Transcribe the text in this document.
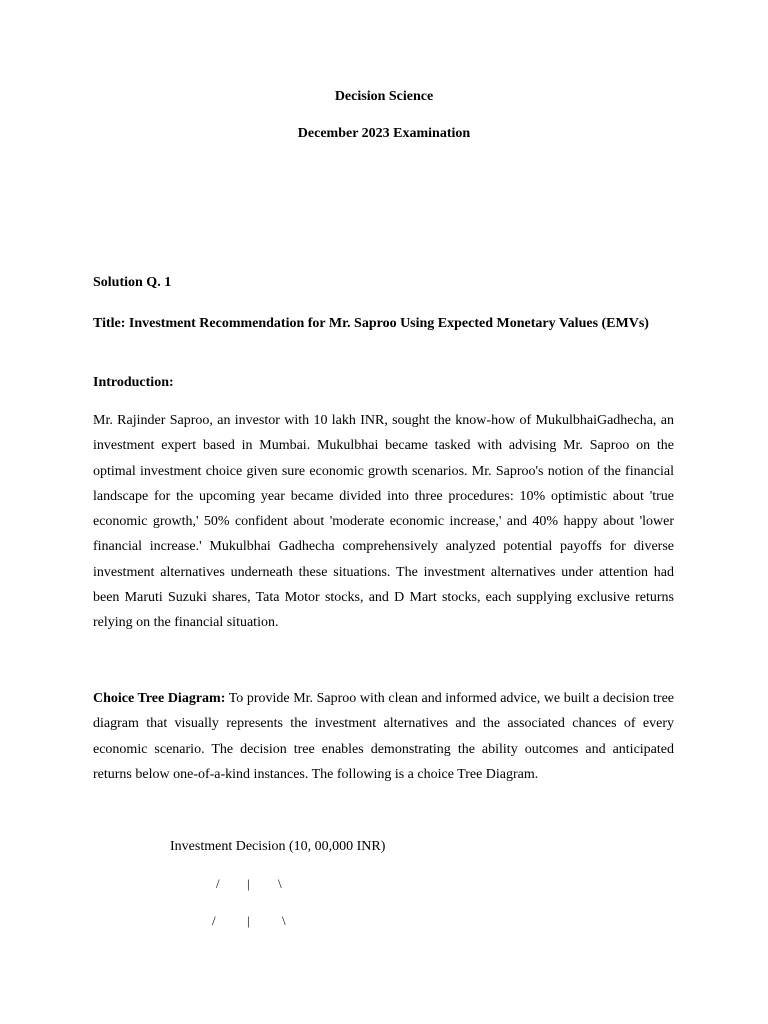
Decision Science
December 2023 Examination

Solution Q. 1

Title: Investment Recommendation for Mr. Saproo Using Expected Monetary Values (EMVs)

Introduction:

Mr. Rajinder Saproo, an investor with 10 lakh INR, sought the know-how of MukulbhaiGadhecha, an investment expert based in Mumbai. Mukulbhai became tasked with advising Mr. Saproo on the optimal investment choice given sure economic growth scenarios. Mr. Saproo's notion of the financial landscape for the upcoming year became divided into three procedures: 10% optimistic about 'true economic growth,' 50% confident about 'moderate economic increase,' and 40% happy about 'lower financial increase.' Mukulbhai Gadhecha comprehensively analyzed potential payoffs for diverse investment alternatives underneath these situations. The investment alternatives under attention had been Maruti Suzuki shares, Tata Motor stocks, and D Mart stocks, each supplying exclusive returns relying on the financial situation.

Choice Tree Diagram: To provide Mr. Saproo with clean and informed advice, we built a decision tree diagram that visually represents the investment alternatives and the associated chances of every economic scenario. The decision tree enables demonstrating the ability outcomes and anticipated returns below one-of-a-kind instances. The following is a choice Tree Diagram.

Investment Decision (10, 00,000 INR)
/ | \
/ | \
